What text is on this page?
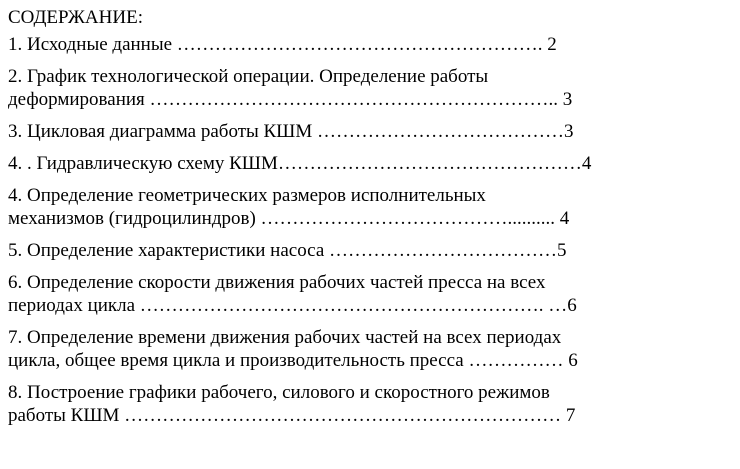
СОДЕРЖАНИЕ:
1. Исходные данные …………………………………………………. 2
2. График технологической операции. Определение работы
деформирования ……………………………………………………….. 3
3. Цикловая диаграмма работы КШМ …………………………………3
4. . Гидравлическую схему КШМ…………………………………………4
4. Определение геометрических размеров исполнительных
механизмов (гидроцилиндров) ………………………………….......... 4
5. Определение характеристики насоса ………………………………5
6. Определение скорости движения рабочих частей пресса на всех
периодах цикла ………………………………………………………. …6
7. Определение времени движения рабочих частей на всех периодах
цикла, общее время цикла и производительность пресса …………… 6
8. Построение графики рабочего, силового и скоростного режимов
работы КШМ …………………………………………………………… 7
